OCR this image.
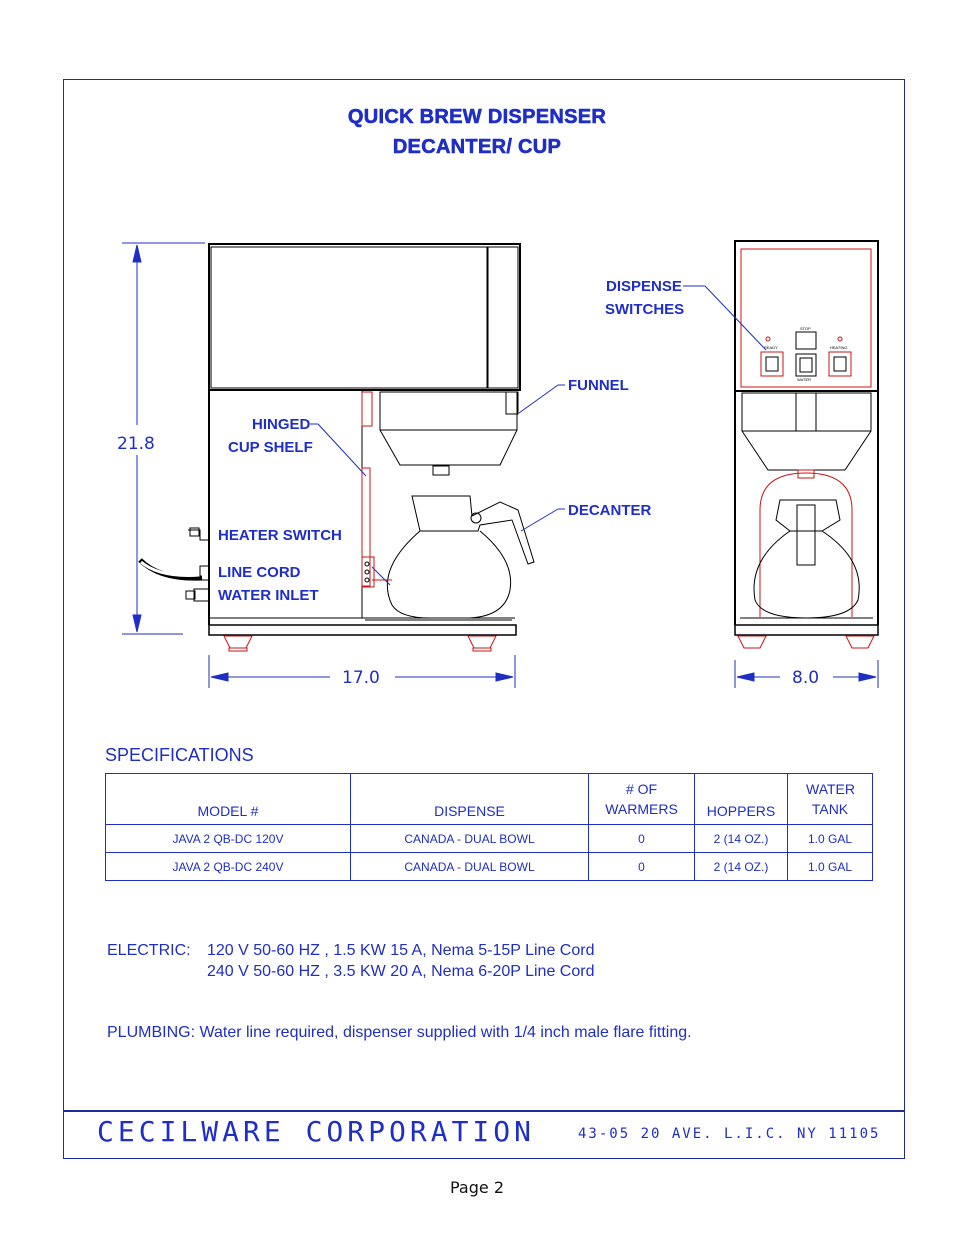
QUICK BREW DISPENSER
DECANTER/ CUP
21.8
17.0
STOP
READY	HEATING
WATER
8.0
DISPENSE
SWITCHES
FUNNEL
HINGED
CUP SHELF
DECANTER
HEATER SWITCH
LINE CORD
WATER INLET
SPECIFICATIONS
MODEL #	DISPENSE	# OF WARMERS	HOPPERS	WATER TANK
JAVA 2 QB-DC 120V	CANADA - DUAL BOWL	0	2 (14 OZ.)	1.0 GAL
JAVA 2 QB-DC 240V	CANADA - DUAL BOWL	0	2 (14 OZ.)	1.0 GAL
ELECTRIC: 120 V 50-60 HZ , 1.5 KW 15 A, Nema 5-15P Line Cord
240 V 50-60 HZ , 3.5 KW 20 A, Nema 6-20P Line Cord
PLUMBING: Water line required, dispenser supplied with 1/4 inch male flare fitting.
CECILWARE CORPORATION	43-05 20 AVE. L.I.C. NY 11105
Page 2
